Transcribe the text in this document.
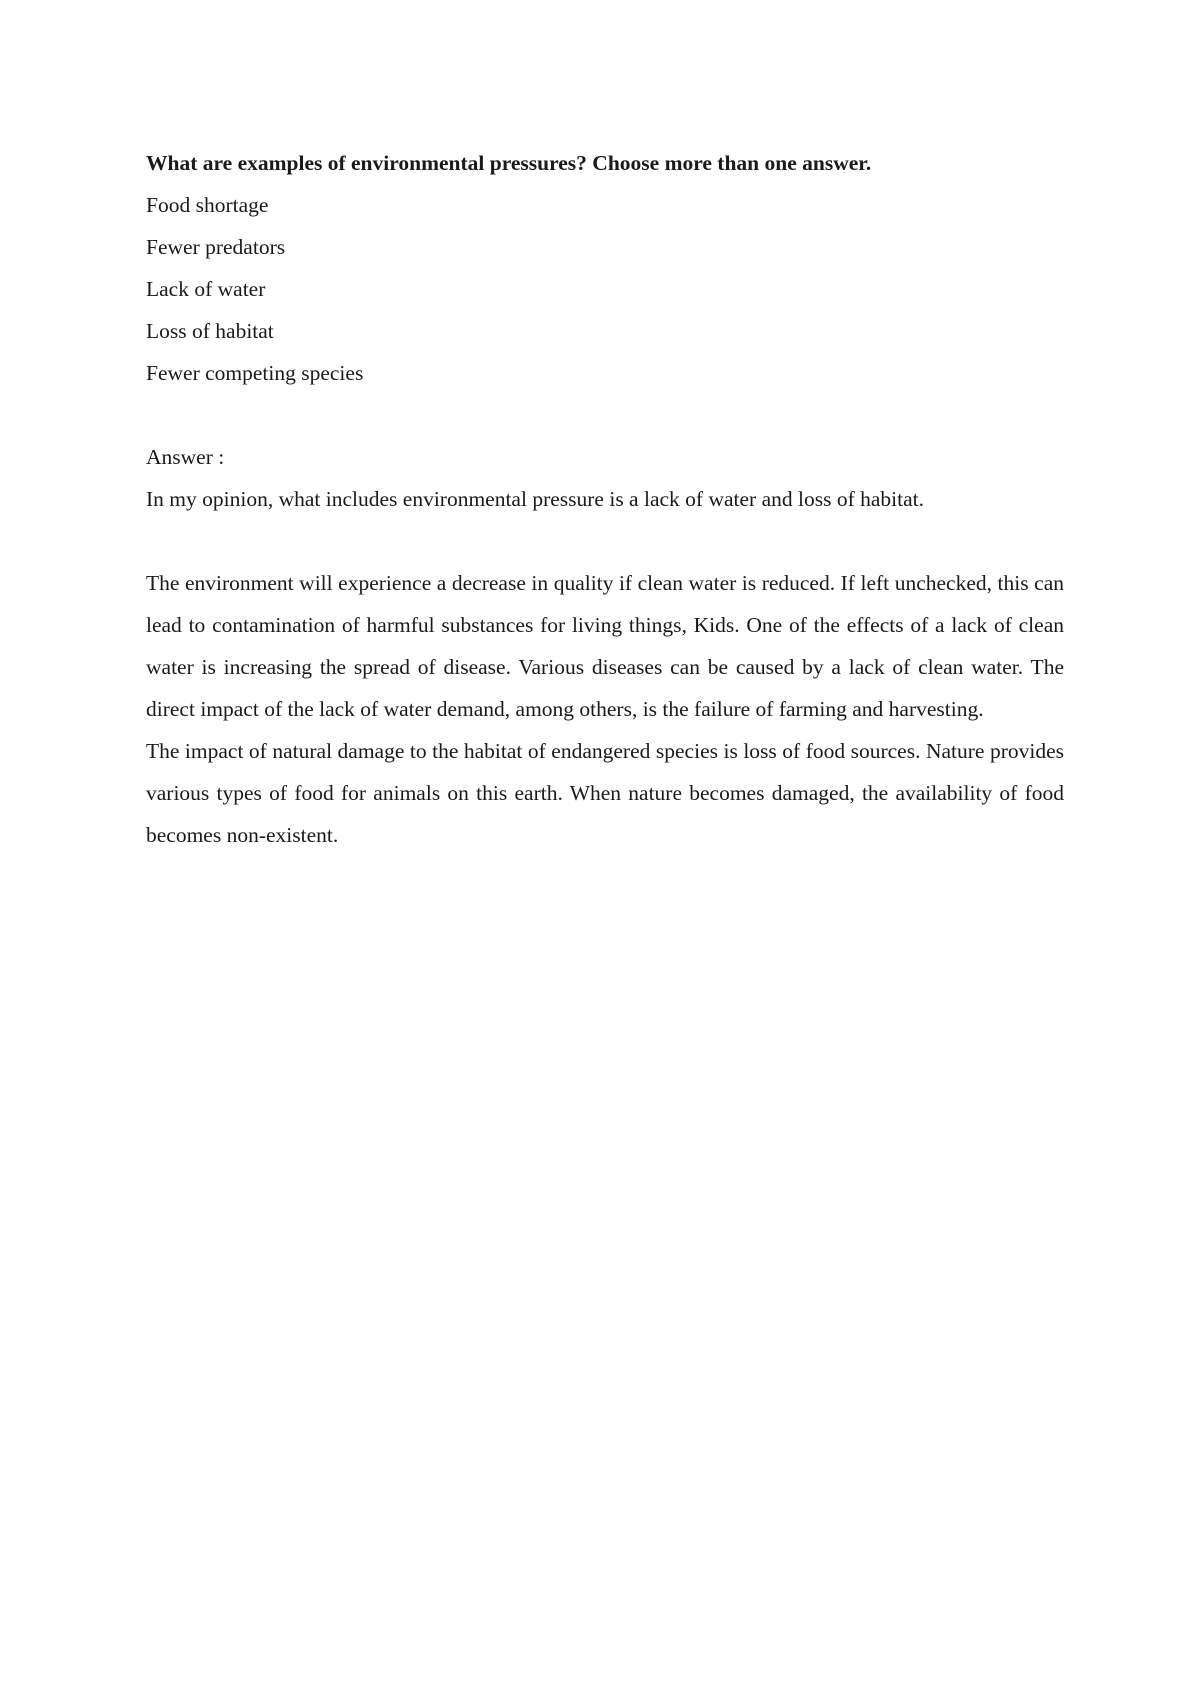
What are examples of environmental pressures? Choose more than one answer.

Food shortage
Fewer predators
Lack of water
Loss of habitat
Fewer competing species

Answer :

In my opinion, what includes environmental pressure is a lack of water and loss of habitat.

The environment will experience a decrease in quality if clean water is reduced. If left unchecked, this can lead to contamination of harmful substances for living things, Kids. One of the effects of a lack of clean water is increasing the spread of disease. Various diseases can be caused by a lack of clean water. The direct impact of the lack of water demand, among others, is the failure of farming and harvesting.

The impact of natural damage to the habitat of endangered species is loss of food sources. Nature provides various types of food for animals on this earth. When nature becomes damaged, the availability of food becomes non-existent.
